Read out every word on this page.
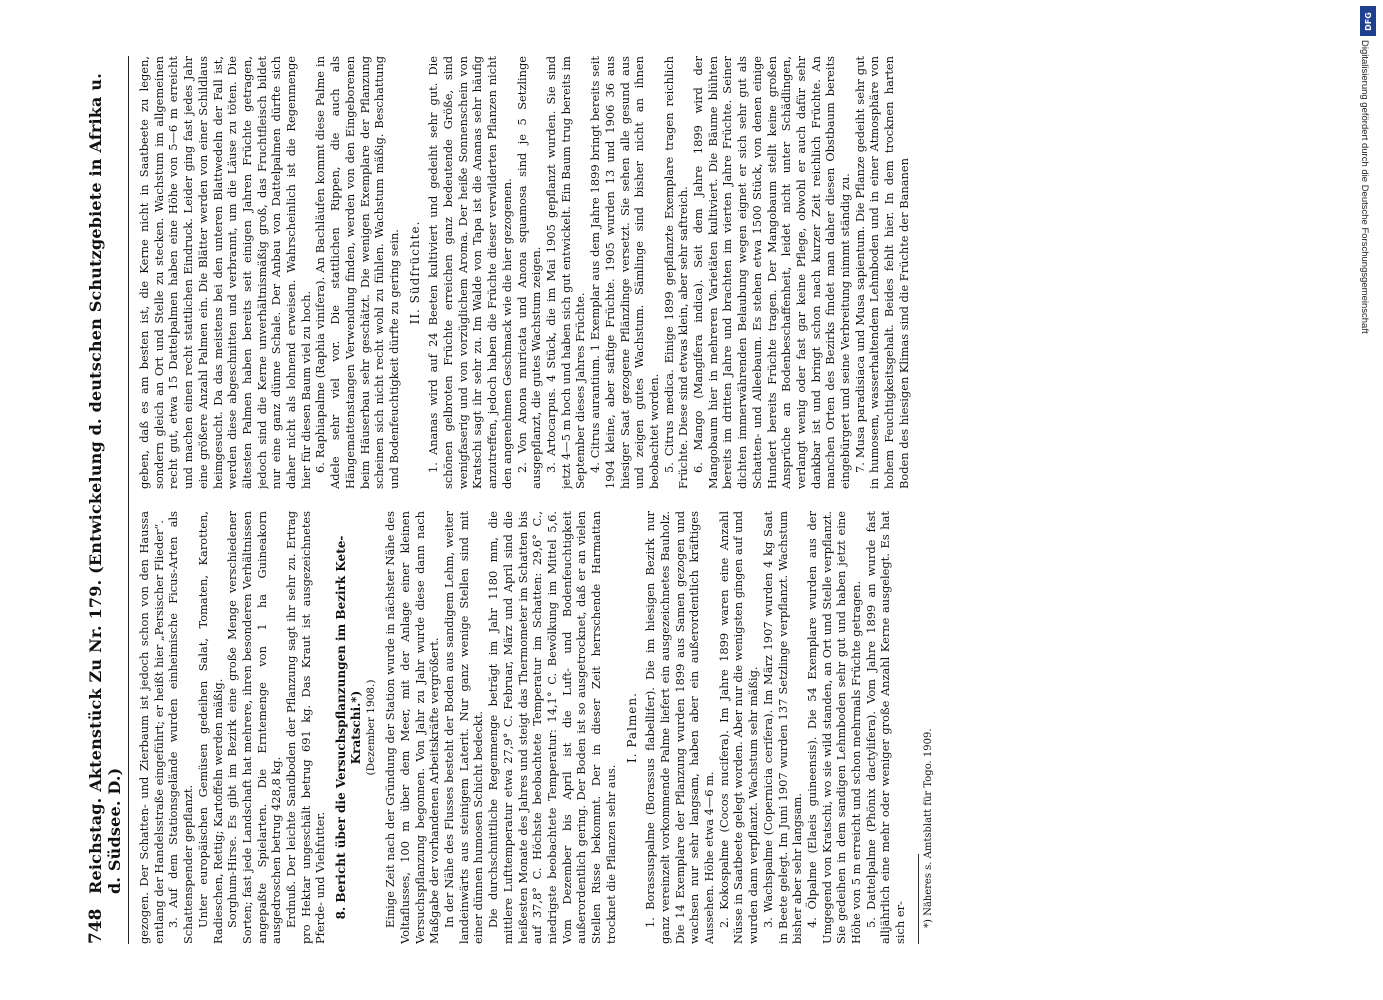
748
Reichstag. Aktenstück Zu Nr. 179. (Entwickelung d. deutschen Schutzgebiete in Afrika u. d. Südsee. D.) gezogen. Der Schatten- und Zierbaum ist jedoch schon von den Haussa entlang der Handelsstraße eingeführt; er heißt hier „Persischer Flieder“. 3. Auf dem Stationsgelände wurden einheimische Ficus-Arten als Schattenspender gepflanzt. Unter europäischen Gemüsen gedeihen Salat, Tomaten, Karotten, Radieschen, Rettig; Kartoffeln werden mäßig. Sorghum-Hirse. Es gibt im Bezirk eine große Menge verschiedener Sorten; fast jede Landschaft hat mehrere, ihren besonderen Verhältnissen angepaßte Spielarten. Die Erntemenge von 1 ha Guineakorn ausgedroschen betrug 428,8 kg. Erdnuß. Der leichte Sandboden der Pflanzung sagt ihr sehr zu. Ertrag pro Hektar ungeschält betrug 691 kg. Das Kraut ist ausgezeichnetes Pferde- und Viehfutter. 8. Bericht über die Versuchspflanzungen im Bezirk Kete-Kratschi.*) (Dezember 1908.) Einige Zeit nach der Gründung der Station wurde in nächster Nähe des Voltaflusses, 100 m über dem Meer, mit der Anlage einer kleinen Versuchspflanzung begonnen. Von Jahr zu Jahr wurde diese dann nach Maßgabe der vorhandenen Arbeitskräfte vergrößert. In der Nähe des Flusses besteht der Boden aus sandigem Lehm, weiter landeinwärts aus steinigem Laterit. Nur ganz wenige Stellen sind mit einer dünnen humosen Schicht bedeckt. Die durchschnittliche Regenmenge beträgt im Jahr 1180 mm, die mittlere Lufttemperatur etwa 27,9° C. Februar, März und April sind die heißesten Monate des Jahres und steigt das Thermometer im Schatten bis auf 37,8° C. Höchste beobachtete Temperatur im Schatten: 29,6° C., niedrigste beobachtete Temperatur: 14,1° C. Bewölkung im Mittel 5,6. Vom Dezember bis April ist die Luft- und Bodenfeuchtigkeit außerordentlich gering. Der Boden ist so ausgetrocknet, daß er an vielen Stellen Risse bekommt. Der in dieser Zeit herrschende Harmattan trocknet die Pflanzen sehr aus.

I. Palmen. 1. Borassuspalme (Borassus flabellifer). Die im hiesigen Bezirk nur ganz vereinzelt vorkommende Palme liefert ein ausgezeichnetes Bauholz. Die 14 Exemplare der Pflanzung wurden 1899 aus Samen gezogen und wachsen nur sehr langsam, haben aber ein außerordentlich kräftiges Aussehen. Höhe etwa 4—6 m. 2. Kokospalme (Cocos nucifera). Im Jahre 1899 waren eine Anzahl Nüsse in Saatbeete gelegt worden. Aber nur die wenigsten gingen auf und wurden dann verpflanzt. Wachstum sehr mäßig. 3. Wachspalme (Copernicia cerifera). Im März 1907 wurden 4 kg Saat in Beete gelegt. Im Juni 1907 wurden 137 Setzlinge verpflanzt. Wachstum bisher aber sehr langsam. 4. Ölpalme (Elaeis guineensis). Die 54 Exemplare wurden aus der Umgegend von Kratschi, wo sie wild standen, an Ort und Stelle verpflanzt. Sie gedeihen in dem sandigen Lehmboden sehr gut und haben jetzt eine Höhe von 5 m erreicht und schon mehrmals Früchte getragen. 5. Dattelpalme (Phönix dactylifera). Vom Jahre 1899 an wurde fast alljährlich eine mehr oder weniger große Anzahl Kerne ausgelegt. Es hat sich er- *) Näheres s. Amtsblatt für Togo. 1909.

geben, daß es am besten ist, die Kerne nicht in Saatbeete zu legen, sondern gleich an Ort und Stelle zu stecken. Wachstum im allgemeinen recht gut, etwa 15 Dattelpalmen haben eine Höhe von 5—6 m erreicht und machen einen recht stattlichen Eindruck. Leider ging fast jedes Jahr eine größere Anzahl Palmen ein. Die Blätter werden von einer Schildlaus heimgesucht. Da das meistens bei den unteren Blattwedeln der Fall ist, werden diese abgeschnitten und verbrannt, um die Läuse zu töten. Die ältesten Palmen haben bereits seit einigen Jahren Früchte getragen, jedoch sind die Kerne unverhältnismäßig groß, das Fruchtfleisch bildet nur eine ganz dünne Schale. Der Anbau von Dattelpalmen dürfte sich daher nicht als lohnend erweisen. Wahrscheinlich ist die Regenmenge hier für diesen Baum viel zu hoch. 6. Raphiapalme (Raphia vinifera). An Bachläufen kommt diese Palme in Adele sehr viel vor. Die stattlichen Rippen, die auch als Hängemattenstangen Verwendung finden, werden von den Eingeborenen beim Häuserbau sehr geschätzt. Die wenigen Exemplare der Pflanzung scheinen sich nicht recht wohl zu fühlen. Wachstum mäßig. Beschattung und Bodenfeuchtigkeit dürfte zu gering sein. II. Südfrüchte. 1. Ananas wird auf 24 Beeten kultiviert und gedeiht sehr gut. Die schönen gelbroten Früchte erreichen ganz bedeutende Größe, sind wenigfaserig und von vorzüglichem Aroma. Der heiße Sonnenschein von Kratschi sagt ihr sehr zu. Im Walde von Tapa ist die Ananas sehr häufig anzutreffen, jedoch haben die Früchte dieser verwilderten Pflanzen nicht den angenehmen Geschmack wie die hier gezogenen. 2. Von Anona muricata und Anona squamosa sind je 5 Setzlinge ausgepflanzt, die gutes Wachstum zeigen. 3. Artocarpus. 4 Stück, die im Mai 1905 gepflanzt wurden. Sie sind jetzt 4—5 m hoch und haben sich gut entwickelt. Ein Baum trug bereits im September dieses Jahres Früchte. 4. Citrus aurantium. 1 Exemplar aus dem Jahre 1899 bringt bereits seit 1904 kleine, aber saftige Früchte. 1905 wurden 13 und 1906 36 aus hiesiger Saat gezogene Pflänzlinge versetzt. Sie sehen alle gesund aus und zeigen gutes Wachstum. Sämlinge sind bisher nicht an ihnen beobachtet worden. 5. Citrus medica. Einige 1899 gepflanzte Exemplare tragen reichlich Früchte. Diese sind etwas klein, aber sehr saftreich. 6. Mango (Mangifera indica). Seit dem Jahre 1899 wird der Mangobaum hier in mehreren Varietäten kultiviert. Die Bäume blühten bereits im dritten Jahre und brachten im vierten Jahre Früchte. Seiner dichten immerwährenden Belaubung wegen eignet er sich sehr gut als Schatten- und Alleebaum. Es stehen etwa 1500 Stück, von denen einige Hundert bereits Früchte tragen. Der Mangobaum stellt keine großen Ansprüche an Bodenbeschaffenheit, leidet nicht unter Schädlingen, verlangt wenig oder fast gar keine Pflege, obwohl er auch dafür sehr dankbar ist und bringt schon nach kurzer Zeit reichlich Früchte. An manchen Orten des Bezirks findet man daher diesen Obstbaum bereits eingebürgert und seine Verbreitung nimmt ständig zu. 7. Musa paradisiaca und Musa sapientum. Die Pflanze gedeiht sehr gut in humosem, wasserhaltendem Lehmboden und in einer Atmosphäre von hohem Feuchtigkeitsgehalt. Beides fehlt hier. In dem trocknen harten Boden des hiesigen Klimas sind die Früchte der Bananen

DFG
Digitalisierung gefördert durch die Deutsche Forschungsgemeinschaft
